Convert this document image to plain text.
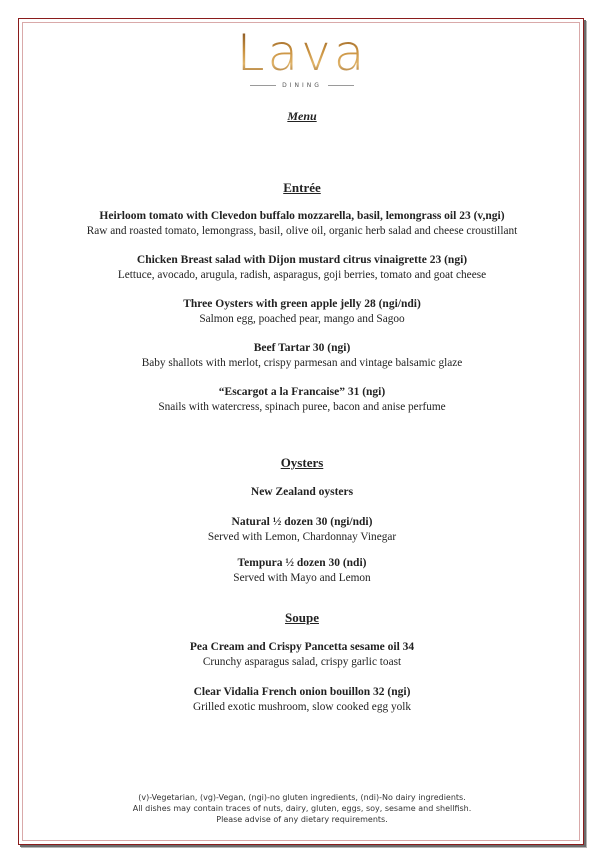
Lava
DINING
Menu
Entrée
Heirloom tomato with Clevedon buffalo mozzarella, basil, lemongrass oil 23 (v,ngi)
Raw and roasted tomato, lemongrass, basil, olive oil, organic herb salad and cheese croustillant
Chicken Breast salad with Dijon mustard citrus vinaigrette 23 (ngi)
Lettuce, avocado, arugula, radish, asparagus, goji berries, tomato and goat cheese
Three Oysters with green apple jelly 28 (ngi/ndi)
Salmon egg, poached pear, mango and Sagoo
Beef Tartar 30 (ngi)
Baby shallots with merlot, crispy parmesan and vintage balsamic glaze
“Escargot a la Francaise” 31 (ngi)
Snails with watercress, spinach puree, bacon and anise perfume
Oysters
New Zealand oysters
Natural ½ dozen 30 (ngi/ndi)
Served with Lemon, Chardonnay Vinegar
Tempura ½ dozen 30 (ndi)
Served with Mayo and Lemon
Soupe
Pea Cream and Crispy Pancetta sesame oil 34
Crunchy asparagus salad, crispy garlic toast
Clear Vidalia French onion bouillon 32 (ngi)
Grilled exotic mushroom, slow cooked egg yolk
(v)-Vegetarian, (vg)-Vegan, (ngi)-no gluten ingredients, (ndi)-No dairy ingredients.
All dishes may contain traces of nuts, dairy, gluten, eggs, soy, sesame and shellfish.
Please advise of any dietary requirements.
